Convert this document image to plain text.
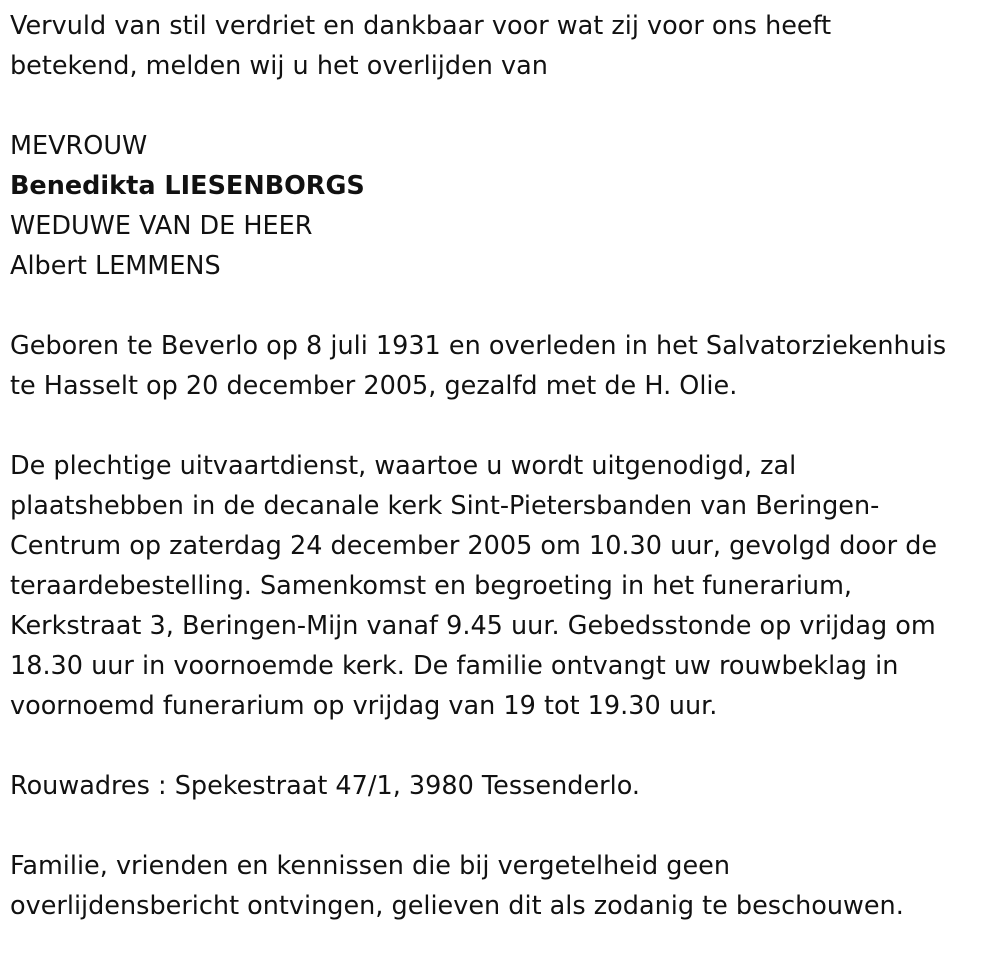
Vervuld van stil verdriet en dankbaar voor wat zij voor ons heeft
betekend, melden wij u het overlijden van

MEVROUW

Benedikta LIESENBORGS

WEDUWE VAN DE HEER

Albert LEMMENS

Geboren te Beverlo op 8 juli 1931 en overleden in het Salvatorziekenhuis
te Hasselt op 20 december 2005, gezalfd met de H. Olie.

De plechtige uitvaartdienst, waartoe u wordt uitgenodigd, zal
plaatshebben in de decanale kerk Sint-Pietersbanden van Beringen-
Centrum op zaterdag 24 december 2005 om 10.30 uur, gevolgd door de
teraardebestelling. Samenkomst en begroeting in het funerarium,
Kerkstraat 3, Beringen-Mijn vanaf 9.45 uur. Gebedsstonde op vrijdag om
18.30 uur in voornoemde kerk. De familie ontvangt uw rouwbeklag in
voornoemd funerarium op vrijdag van 19 tot 19.30 uur.

Rouwadres : Spekestraat 47/1, 3980 Tessenderlo.

Familie, vrienden en kennissen die bij vergetelheid geen
overlijdensbericht ontvingen, gelieven dit als zodanig te beschouwen.
